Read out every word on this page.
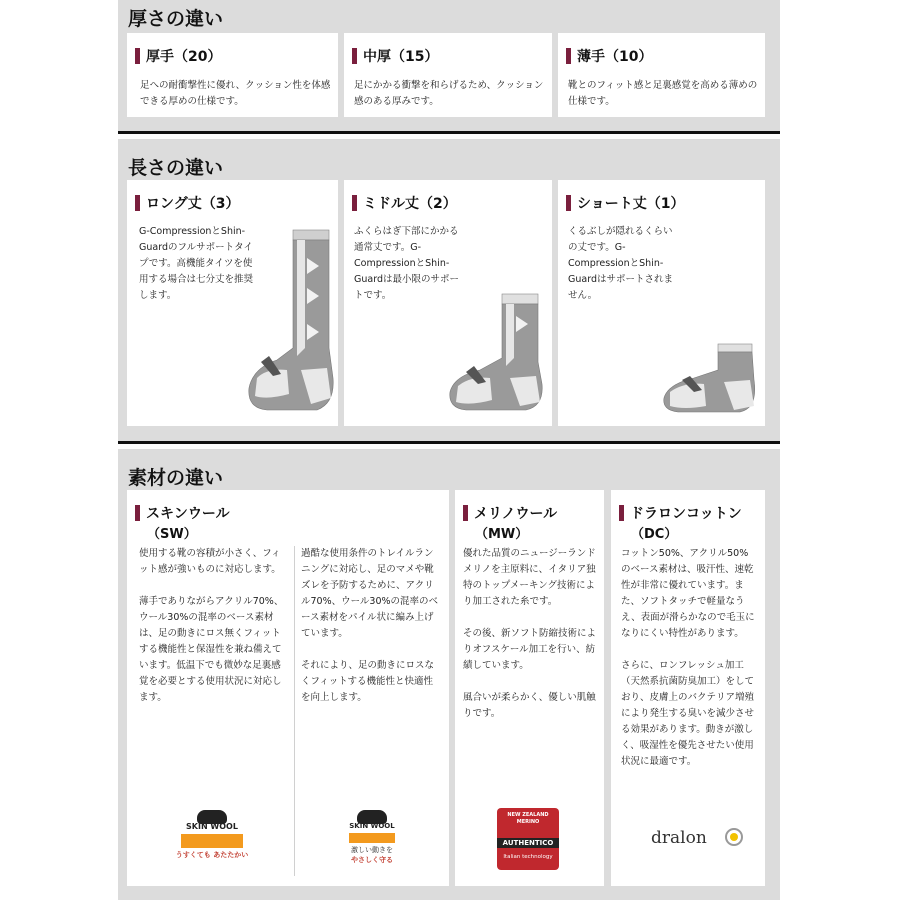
厚さの違い
厚手（20）
足への耐衝撃性に優れ、クッション性を体感できる厚めの仕様です。
中厚（15）
足にかかる衝撃を和らげるため、クッション感のある厚みです。
薄手（10）
靴とのフィット感と足裏感覚を高める薄めの仕様です。
長さの違い
ロング丈（3）
G-CompressionとShin-Guardのフルサポートタイプです。高機能タイツを使用する場合は七分丈を推奨します。
ミドル丈（2）
ふくらはぎ下部にかかる通常丈です。G-CompressionとShin-Guardは最小限のサポートです。
ショート丈（1）
くるぶしが隠れるくらいの丈です。G-CompressionとShin-Guardはサポートされません。
素材の違い
スキンウール
（SW）

使用する靴の容積が小さく、フィット感が強いものに対応します。

薄手でありながらアクリル70%、ウール30%の混率のベース素材は、足の動きにロス無くフィットする機能性と保湿性を兼ね備えています。低温下でも微妙な足裏感覚を必要とする使用状況に対応します。

過酷な使用条件のトレイルランニングに対応し、足のマメや靴ズレを予防するために、アクリル70%、ウール30%の混率のベース素材をパイル状に編み上げています。

それにより、足の動きにロスなくフィットする機能性と快適性を向上します。

SKIN WOOL
うすくても あたたかい
SKIN WOOL
激しい動きを
やさしく守る
メリノウール
（MW）

優れた品質のニュージーランドメリノを主原料に、イタリア独特のトップメーキング技術により加工された糸です。

その後、新ソフト防縮技術によりオフスケール加工を行い、紡績しています。

風合いが柔らかく、優しい肌触りです。

NEW ZEALAND MERINO
AUTHENTICO
Italian technology
ドラロンコットン
（DC）

コットン50%、アクリル50%のベース素材は、吸汗性、速乾性が非常に優れています。また、ソフトタッチで軽量なうえ、表面が滑らかなので毛玉になりにくい特性があります。

さらに、ロンフレッシュ加工（天然系抗菌防臭加工）をしており、皮膚上のバクテリア増殖により発生する臭いを減少させる効果があります。動きが激しく、吸湿性を優先させたい使用状況に最適です。

dralon
